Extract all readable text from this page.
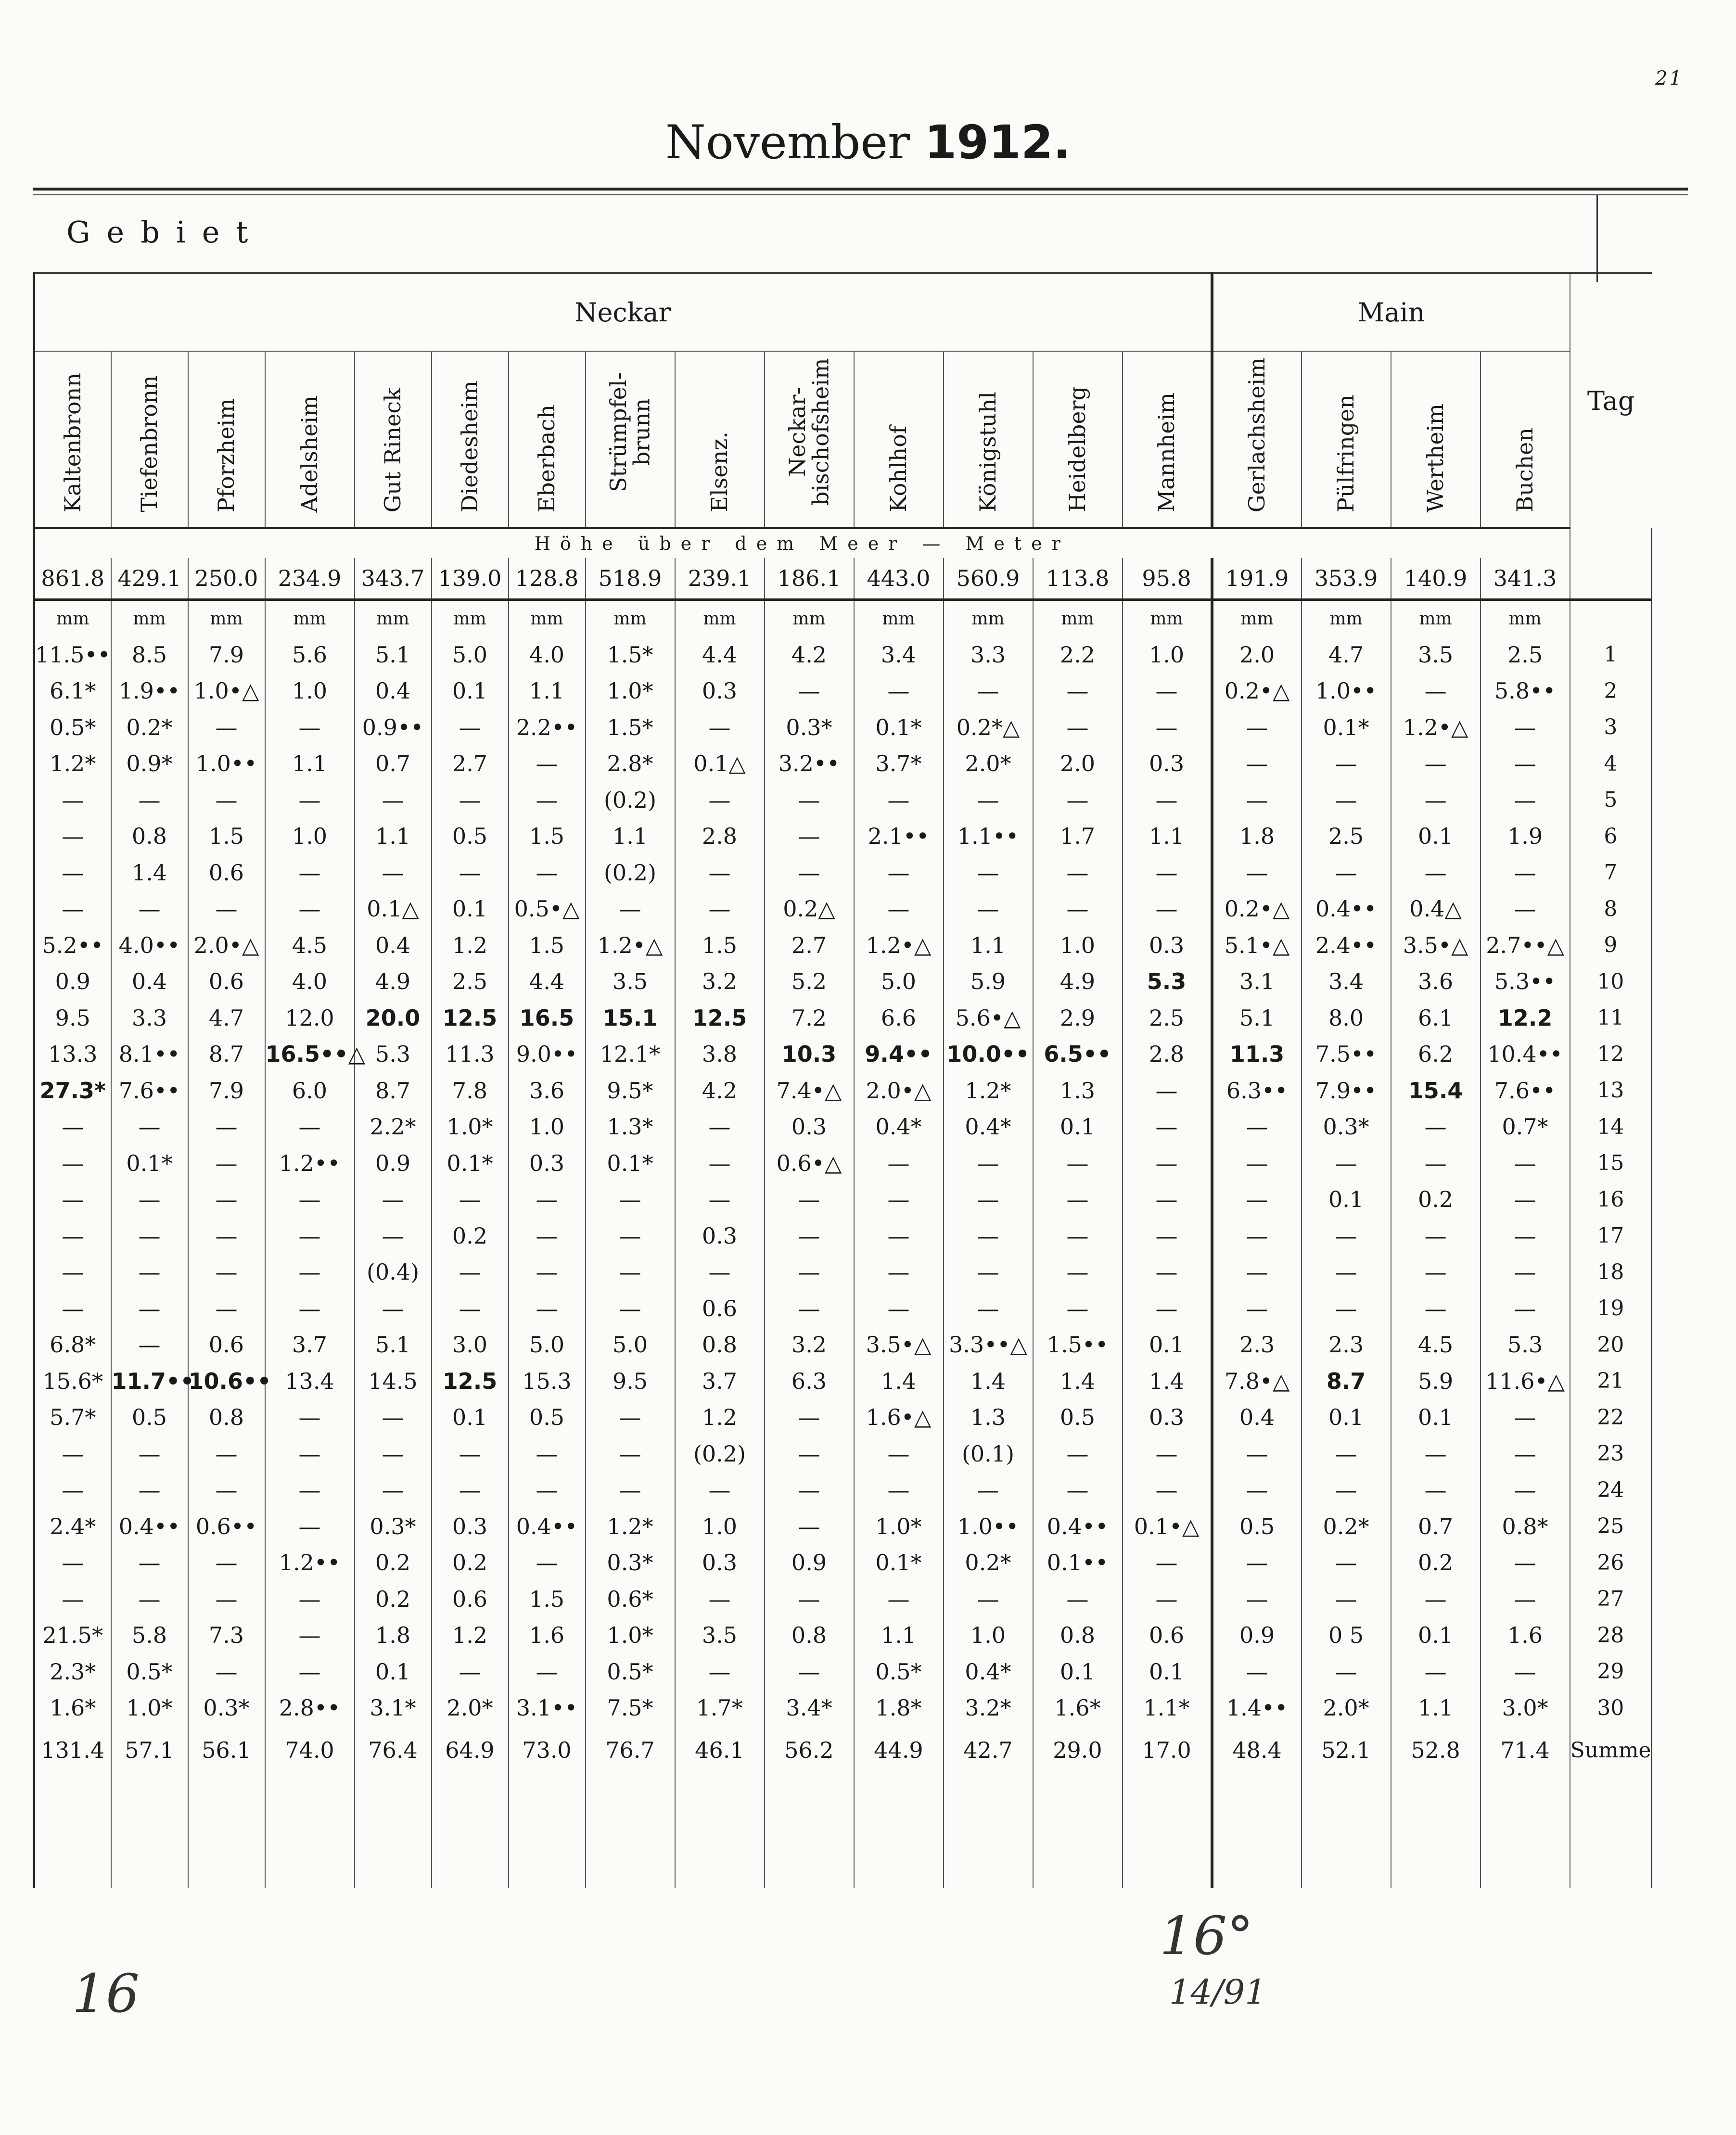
21
November 1912.
Gebiet
Neckar														Main				Tag
Kaltenbronn	Tiefenbronn	Pforzheim	Adelsheim	Gut Rineck	Diedesheim	Eberbach	Strümpfel-brunn	Elsenz.	Neckar-bischofsheim	Kohlhof	Königstuhl	Heidelberg	Mannheim	Gerlachsheim	Pülfringen	Wertheim	Buchen	
Höhe über dem Meer — Meter																		
861.8	429.1	250.0	234.9	343.7	139.0	128.8	518.9	239.1	186.1	443.0	560.9	113.8	95.8	191.9	353.9	140.9	341.3	
mm	mm	mm	mm	mm	mm	mm	mm	mm	mm	mm	mm	mm	mm	mm	mm	mm	mm	
11.5••	8.5	7.9	5.6	5.1	5.0	4.0	1.5*	4.4	4.2	3.4	3.3	2.2	1.0	2.0	4.7	3.5	2.5	1
6.1*	1.9••	1.0•△	1.0	0.4	0.1	1.1	1.0*	0.3	—	—	—	—	—	0.2•△	1.0••	—	5.8••	2
0.5*	0.2*	—	—	0.9••	—	2.2••	1.5*	—	0.3*	0.1*	0.2*△	—	—	—	0.1*	1.2•△	—	3
1.2*	0.9*	1.0••	1.1	0.7	2.7	—	2.8*	0.1△	3.2••	3.7*	2.0*	2.0	0.3	—	—	—	—	4
—	—	—	—	—	—	—	(0.2)	—	—	—	—	—	—	—	—	—	—	5
—	0.8	1.5	1.0	1.1	0.5	1.5	1.1	2.8	—	2.1••	1.1••	1.7	1.1	1.8	2.5	0.1	1.9	6
—	1.4	0.6	—	—	—	—	(0.2)	—	—	—	—	—	—	—	—	—	—	7
—	—	—	—	0.1△	0.1	0.5•△	—	—	0.2△	—	—	—	—	0.2•△	0.4••	0.4△	—	8
5.2••	4.0••	2.0•△	4.5	0.4	1.2	1.5	1.2•△	1.5	2.7	1.2•△	1.1	1.0	0.3	5.1•△	2.4••	3.5•△	2.7••△	9
0.9	0.4	0.6	4.0	4.9	2.5	4.4	3.5	3.2	5.2	5.0	5.9	4.9	5.3	3.1	3.4	3.6	5.3••	10
9.5	3.3	4.7	12.0	20.0	12.5	16.5	15.1	12.5	7.2	6.6	5.6•△	2.9	2.5	5.1	8.0	6.1	12.2	11
13.3	8.1••	8.7	16.5••△	5.3	11.3	9.0••	12.1*	3.8	10.3	9.4••	10.0••	6.5••	2.8	11.3	7.5••	6.2	10.4••	12
27.3*	7.6••	7.9	6.0	8.7	7.8	3.6	9.5*	4.2	7.4•△	2.0•△	1.2*	1.3	—	6.3••	7.9••	15.4	7.6••	13
—	—	—	—	2.2*	1.0*	1.0	1.3*	—	0.3	0.4*	0.4*	0.1	—	—	0.3*	—	0.7*	14
—	0.1*	—	1.2••	0.9	0.1*	0.3	0.1*	—	0.6•△	—	—	—	—	—	—	—	—	15
—	—	—	—	—	—	—	—	—	—	—	—	—	—	—	0.1	0.2	—	16
—	—	—	—	—	0.2	—	—	0.3	—	—	—	—	—	—	—	—	—	17
—	—	—	—	(0.4)	—	—	—	—	—	—	—	—	—	—	—	—	—	18
—	—	—	—	—	—	—	—	0.6	—	—	—	—	—	—	—	—	—	19
6.8*	—	0.6	3.7	5.1	3.0	5.0	5.0	0.8	3.2	3.5•△	3.3••△	1.5••	0.1	2.3	2.3	4.5	5.3	20
15.6*	11.7••	10.6••	13.4	14.5	12.5	15.3	9.5	3.7	6.3	1.4	1.4	1.4	1.4	7.8•△	8.7	5.9	11.6•△	21
5.7*	0.5	0.8	—	—	0.1	0.5	—	1.2	—	1.6•△	1.3	0.5	0.3	0.4	0.1	0.1	—	22
—	—	—	—	—	—	—	—	(0.2)	—	—	(0.1)	—	—	—	—	—	—	23
—	—	—	—	—	—	—	—	—	—	—	—	—	—	—	—	—	—	24
2.4*	0.4••	0.6••	—	0.3*	0.3	0.4••	1.2*	1.0	—	1.0*	1.0••	0.4••	0.1•△	0.5	0.2*	0.7	0.8*	25
—	—	—	1.2••	0.2	0.2	—	0.3*	0.3	0.9	0.1*	0.2*	0.1••	—	—	—	0.2	—	26
—	—	—	—	0.2	0.6	1.5	0.6*	—	—	—	—	—	—	—	—	—	—	27
21.5*	5.8	7.3	—	1.8	1.2	1.6	1.0*	3.5	0.8	1.1	1.0	0.8	0.6	0.9	0 5	0.1	1.6	28
2.3*	0.5*	—	—	0.1	—	—	0.5*	—	—	0.5*	0.4*	0.1	0.1	—	—	—	—	29
1.6*	1.0*	0.3*	2.8••	3.1*	2.0*	3.1••	7.5*	1.7*	3.4*	1.8*	3.2*	1.6*	1.1*	1.4••	2.0*	1.1	3.0*	30
131.4	57.1	56.1	74.0	76.4	64.9	73.0	76.7	46.1	56.2	44.9	42.7	29.0	17.0	48.4	52.1	52.8	71.4	Summe

16
16°
14/91
